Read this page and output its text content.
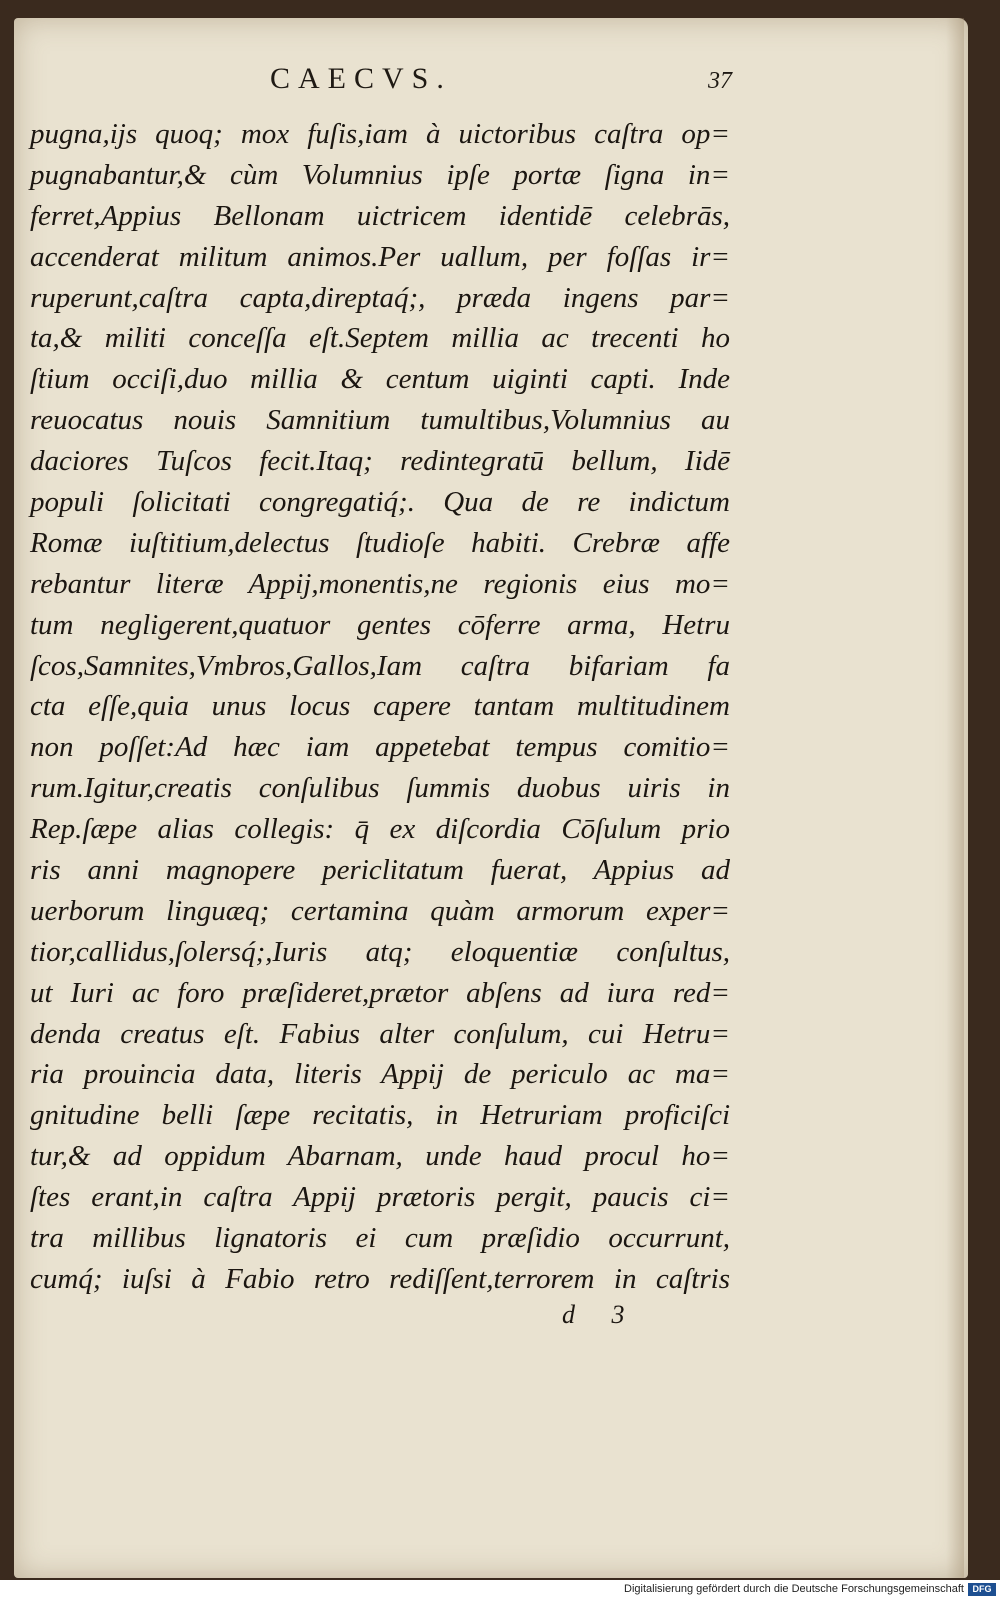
CAECVS.	37
pugna,ijs quoq; mox fuſis,iam à uictoribus caſtra op=
pugnabantur,& cùm Volumnius ipſe portæ ſigna in=
ferret,Appius Bellonam uictricem identidē celebrās,
accenderat militum animos.Per uallum, per foſſas ir=
ruperunt,caſtra capta,direptaq́;, præda ingens par=
ta,& militi conceſſa eſt.Septem millia ac trecenti ho
ſtium occiſi,duo millia & centum uiginti capti. Inde
reuocatus nouis Samnitium tumultibus,Volumnius au
daciores Tuſcos fecit.Itaq; redintegratū bellum, Iidē
populi ſolicitati congregatiq́;. Qua de re indictum
Romæ iuſtitium,delectus ſtudioſe habiti. Crebræ affe
rebantur literæ Appij,monentis,ne regionis eius mo=
tum negligerent,quatuor gentes cōferre arma, Hetru
ſcos,Samnites,Vmbros,Gallos,Iam caſtra bifariam fa
cta eſſe,quia unus locus capere tantam multitudinem
non poſſet:Ad hæc iam appetebat tempus comitio=
rum.Igitur,creatis conſulibus ſummis duobus uiris in
Rep.ſæpe alias collegis: q̄ ex diſcordia Cōſulum prio
ris anni magnopere periclitatum fuerat, Appius ad
uerborum linguæq; certamina quàm armorum exper=
tior,callidus,ſolersq́;,Iuris atq; eloquentiæ conſultus,
ut Iuri ac foro præſideret,prætor abſens ad iura red=
denda creatus eſt. Fabius alter conſulum, cui Hetru=
ria prouincia data, literis Appij de periculo ac ma=
gnitudine belli ſæpe recitatis, in Hetruriam proficiſci
tur,& ad oppidum Abarnam, unde haud procul ho=
ſtes erant,in caſtra Appij prætoris pergit, paucis ci=
tra millibus lignatoris ei cum præſidio occurrunt,
cumq́; iuſsi à Fabio retro rediſſent,terrorem in caſtris
d 3
Digitalisierung gefördert durch die Deutsche Forschungsgemeinschaft DFG
